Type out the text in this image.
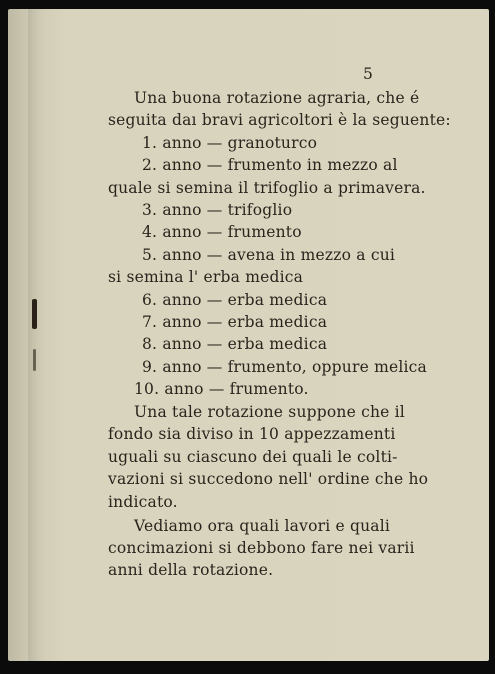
5
Una buona rotazione agraria, che é
seguita daı bravi agricoltori è la seguente:
1. anno — granoturco
2. anno — frumento in mezzo al
quale si semina il trifoglio a primavera.
3. anno — trifoglio
4. anno — frumento
5. anno — avena in mezzo a cui
si semina l' erba medica
6. anno — erba medica
7. anno — erba medica
8. anno — erba medica
9. anno — frumento, oppure melica
10. anno — frumento.
Una tale rotazione suppone che il
fondo sia diviso in 10 appezzamenti
uguali su ciascuno dei quali le colti-
vazioni si succedono nell' ordine che ho
indicato.
Vediamo ora quali lavori e quali
concimazioni si debbono fare nei varii
anni della rotazione.
